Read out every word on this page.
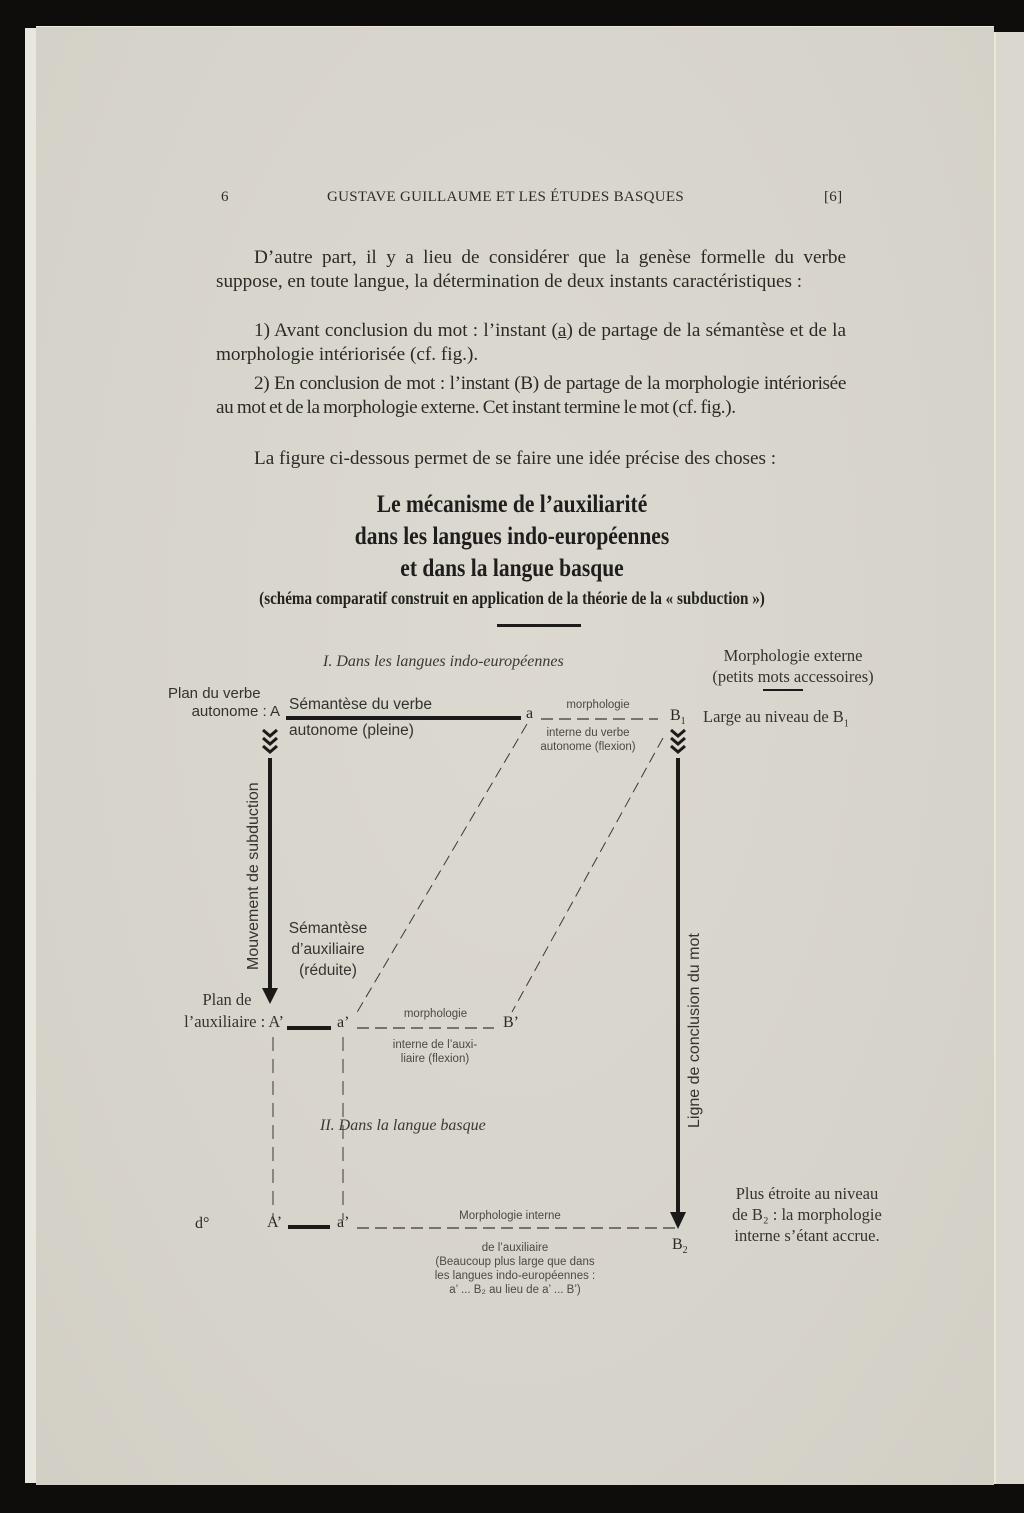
6	GUSTAVE GUILLAUME ET LES ÉTUDES BASQUES	[6]
D’autre part, il y a lieu de considérer que la genèse formelle du verbe suppose, en toute langue, la détermination de deux instants caractéristiques :
1) Avant conclusion du mot : l’instant (a) de partage de la sémantèse et de la morphologie intériorisée (cf. fig.).
2) En conclusion de mot : l’instant (B) de partage de la morphologie intériorisée au mot et de la morphologie externe. Cet instant termine le mot (cf. fig.).
La figure ci-dessous permet de se faire une idée précise des choses :
Le mécanisme de l’auxiliarité
dans les langues indo-européennes
et dans la langue basque
(schéma comparatif construit en application de la théorie de la « subduction »)
I. Dans les langues indo-européennes	Morphologie externe
(petits mots accessoires)
Large au niveau de $B_1$
Plan du verbe
autonome : A Sémantèse du verbe
autonome (pleine)
a	morphologie
$B_1$
interne du verbe
autonome (flexion)
Mouvement de subduction	Sémantèse
d’auxiliaire
(réduite)
Plan de
l’auxiliaire : A’	a’	morphologie	B’
interne de l’auxi-
liaire (flexion)
II. Dans la langue basque	Ligne de conclusion du mot
d°	A’	a’	Morphologie interne
de l’auxiliaire
(Beaucoup plus large que dans
les langues indo-européennes :
a’ ... B₂ au lieu de a’ ... B’)
$B_2$
Plus étroite au niveau
de B₂ : la morphologie
interne s’étant accrue.
